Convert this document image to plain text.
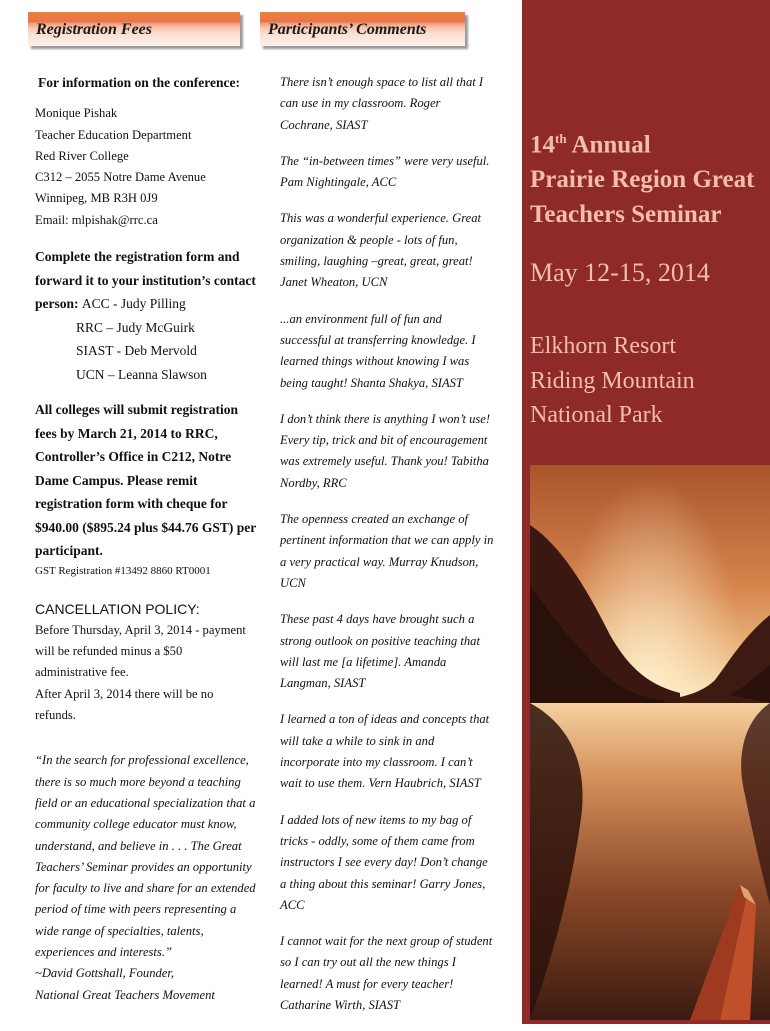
Registration Fees	Participants’ Comments
For information on the conference:

Monique Pishak

Teacher Education Department

Red River College

C312 – 2055 Notre Dame Avenue

Winnipeg, MB R3H 0J9

Email: mlpishak@rrc.ca

Complete the registration form and forward it to your institution’s contact person: ACC - Judy Pilling
RRC – Judy McGuirk
SIAST - Deb Mervold
UCN – Leanna Slawson
All colleges will submit registration fees by March 21, 2014 to RRC, Controller’s Office in C212, Notre Dame Campus. Please remit registration form with cheque for $940.00 ($895.24 plus $44.76 GST) per participant.
GST Registration #13492 8860 RT0001
CANCELLATION POLICY:

Before Thursday, April 3, 2014 - payment will be refunded minus a $50 administrative fee.

After April 3, 2014 there will be no refunds.

“In the search for professional excellence, there is so much more beyond a teaching field or an educational specialization that a community college educator must know, understand, and believe in . . . The Great Teachers’ Seminar provides an opportunity for faculty to live and share for an extended period of time with peers representing a wide range of specialties, talents, experiences and interests.”
~David Gottshall, Founder,
National Great Teachers Movement

There isn’t enough space to list all that I can use in my classroom. Roger Cochrane, SIAST

The “in-between times” were very useful. Pam Nightingale, ACC

This was a wonderful experience. Great organization & people - lots of fun, smiling, laughing –great, great, great! Janet Wheaton, UCN

...an environment full of fun and successful at transferring knowledge. I learned things without knowing I was being taught! Shanta Shakya, SIAST

I don’t think there is anything I won’t use! Every tip, trick and bit of encouragement was extremely useful. Thank you! Tabitha Nordby, RRC

The openness created an exchange of pertinent information that we can apply in a very practical way. Murray Knudson, UCN

These past 4 days have brought such a strong outlook on positive teaching that will last me [a lifetime]. Amanda Langman, SIAST

I learned a ton of ideas and concepts that will take a while to sink in and incorporate into my classroom. I can’t wait to use them. Vern Haubrich, SIAST

I added lots of new items to my bag of tricks - oddly, some of them came from instructors I see every day! Don’t change a thing about this seminar! Garry Jones, ACC

I cannot wait for the next group of student so I can try out all the new things I learned! A must for every teacher! Catharine Wirth, SIAST

14th Annual
Prairie Region Great
Teachers Seminar
May 12-15, 2014
Elkhorn Resort
Riding Mountain
National Park
